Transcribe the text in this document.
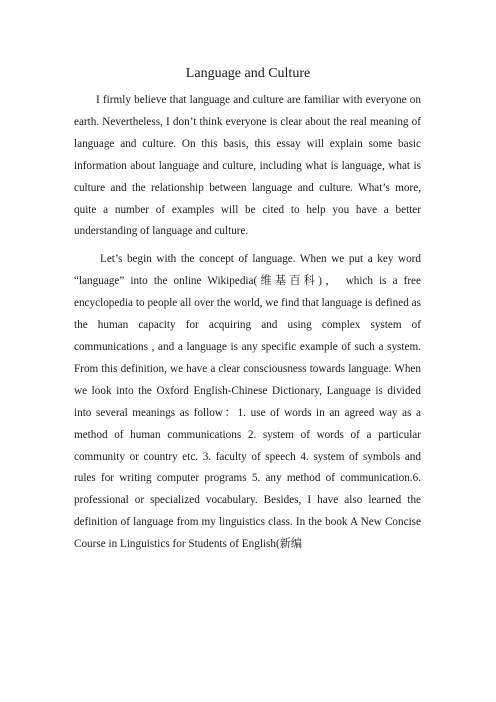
Language and Culture

I firmly believe that language and culture are familiar with everyone on earth. Nevertheless, I don’t think everyone is clear about the real meaning of language and culture. On this basis, this essay will explain some basic information about language and culture, including what is language, what is culture and the relationship between language and culture. What’s more, quite a number of examples will be cited to help you have a better understanding of language and culture.

Let’s begin with the concept of language. When we put a key word “language” into the online Wikipedia(维基百科)， which is a free encyclopedia to people all over the world, we find that language is defined as the human capacity for acquiring and using complex system of communications , and a language is any specific example of such a system. From this definition, we have a clear consciousness towards language. When we look into the Oxford English-Chinese Dictionary, Language is divided into several meanings as follow：1. use of words in an agreed way as a method of human communications 2. system of words of a particular community or country etc. 3. faculty of speech 4. system of symbols and rules for writing computer programs 5. any method of communication.6. professional or specialized vocabulary. Besides, I have also learned the definition of language from my linguistics class. In the book A New Concise Course in Linguistics for Students of English(新编
